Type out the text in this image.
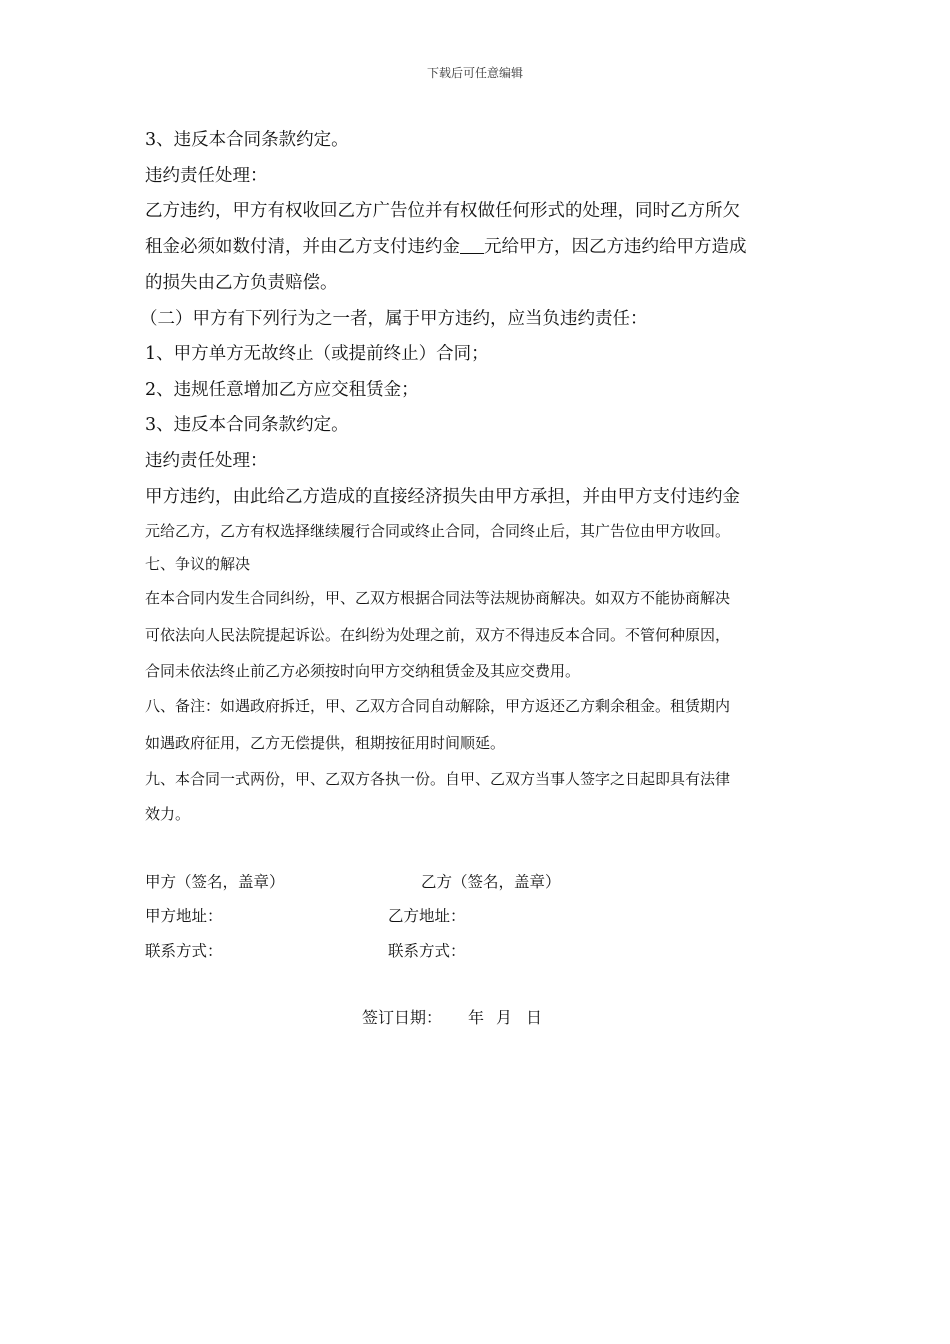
下载后可任意编辑
3、违反本合同条款约定。
违约责任处理：
乙方违约，甲方有权收回乙方广告位并有权做任何形式的处理，同时乙方所欠
租金必须如数付清，并由乙方支付违约金 元给甲方，因乙方违约给甲方造成
的损失由乙方负责赔偿。
（二）甲方有下列行为之一者，属于甲方违约，应当负违约责任：
1、甲方单方无故终止（或提前终止）合同；
2、违规任意增加乙方应交租赁金；
3、违反本合同条款约定。
违约责任处理：
甲方违约，由此给乙方造成的直接经济损失由甲方承担，并由甲方支付违约金
元给乙方，乙方有权选择继续履行合同或终止合同，合同终止后，其广告位由甲方收回。
七、争议的解决
在本合同内发生合同纠纷，甲、乙双方根据合同法等法规协商解决。如双方不能协商解决
可依法向人民法院提起诉讼。在纠纷为处理之前，双方不得违反本合同。不管何种原因，
合同未依法终止前乙方必须按时向甲方交纳租赁金及其应交费用。
八、备注：如遇政府拆迁，甲、乙双方合同自动解除，甲方返还乙方剩余租金。租赁期内
如遇政府征用，乙方无偿提供，租期按征用时间顺延。
九、本合同一式两份，甲、乙双方各执一份。自甲、乙双方当事人签字之日起即具有法律
效力。
甲方（签名，盖章）	乙方（签名，盖章）
甲方地址：	乙方地址：
联系方式：	联系方式：
签订日期： 年 月 日
